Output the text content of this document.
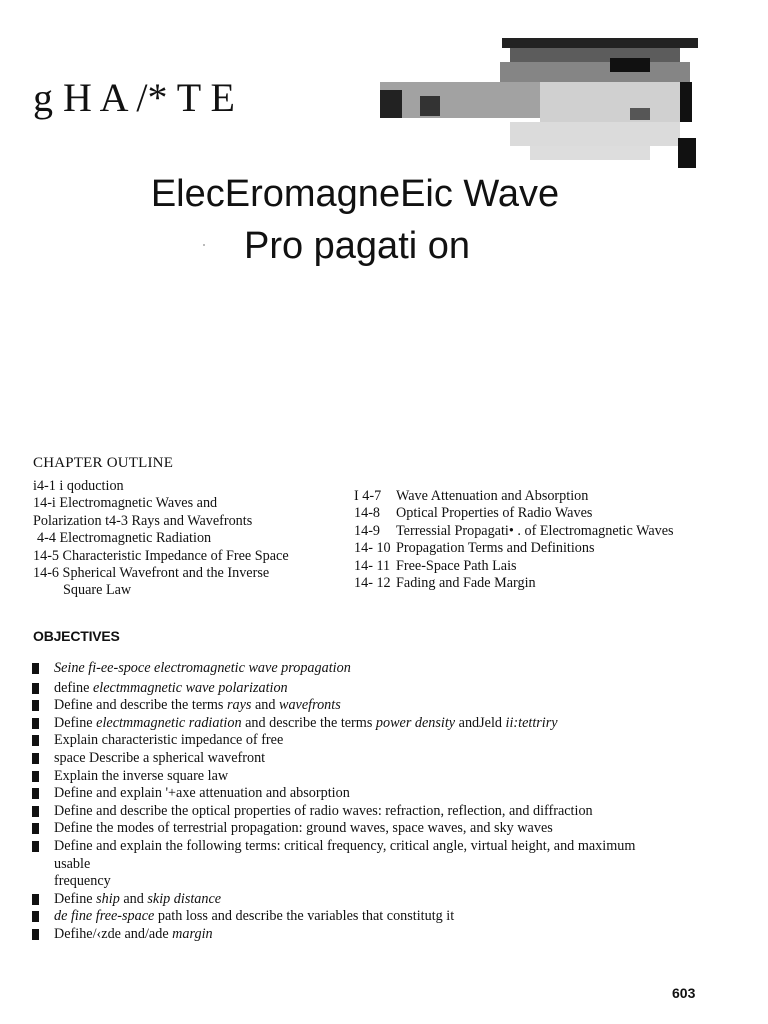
g H A /* T E
ElecEromagneEic Wave
Pro pagati on
CHAPTER OUTLINE
i4-1 i qoduction
14-i Electromagnetic Waves and
Polarization t4-3 Rays and Wavefronts
4-4 Electromagnetic Radiation
14-5 Characteristic Impedance of Free Space
14-6 Spherical Wavefront and the Inverse
Square Law
I 4-7 Wave Attenuation and Absorption
14-8 Optical Properties of Radio Waves
14-9 Terressial Propagati• . of Electromagnetic Waves
14- 10 Propagation Terms and Definitions
14- 11 Free-Space Path Lais
14- 12 Fading and Fade Margin
OBJECTIVES
Seine fi-ee-spoce electromagnetic wave propagation
define electmmagnetic wave polarization
Define and describe the terms rays and wavefronts
Define electmmagnetic radiation and describe the terms power density andJeld ii:tettriry
Explain characteristic impedance of free
space Describe a spherical wavefront
Explain the inverse square law
Define and explain '+axe attenuation and absorption
Define and describe the optical properties of radio waves: refraction, reflection, and diffraction
Define the modes of terrestrial propagation: ground waves, space waves, and sky waves
Define and explain the following terms: critical frequency, critical angle, virtual height, and maximum
usable
frequency
Define ship and skip distance
de fine free-space path loss and describe the variables that constitutg it
Defihe/‹zde and/ade margin
603
